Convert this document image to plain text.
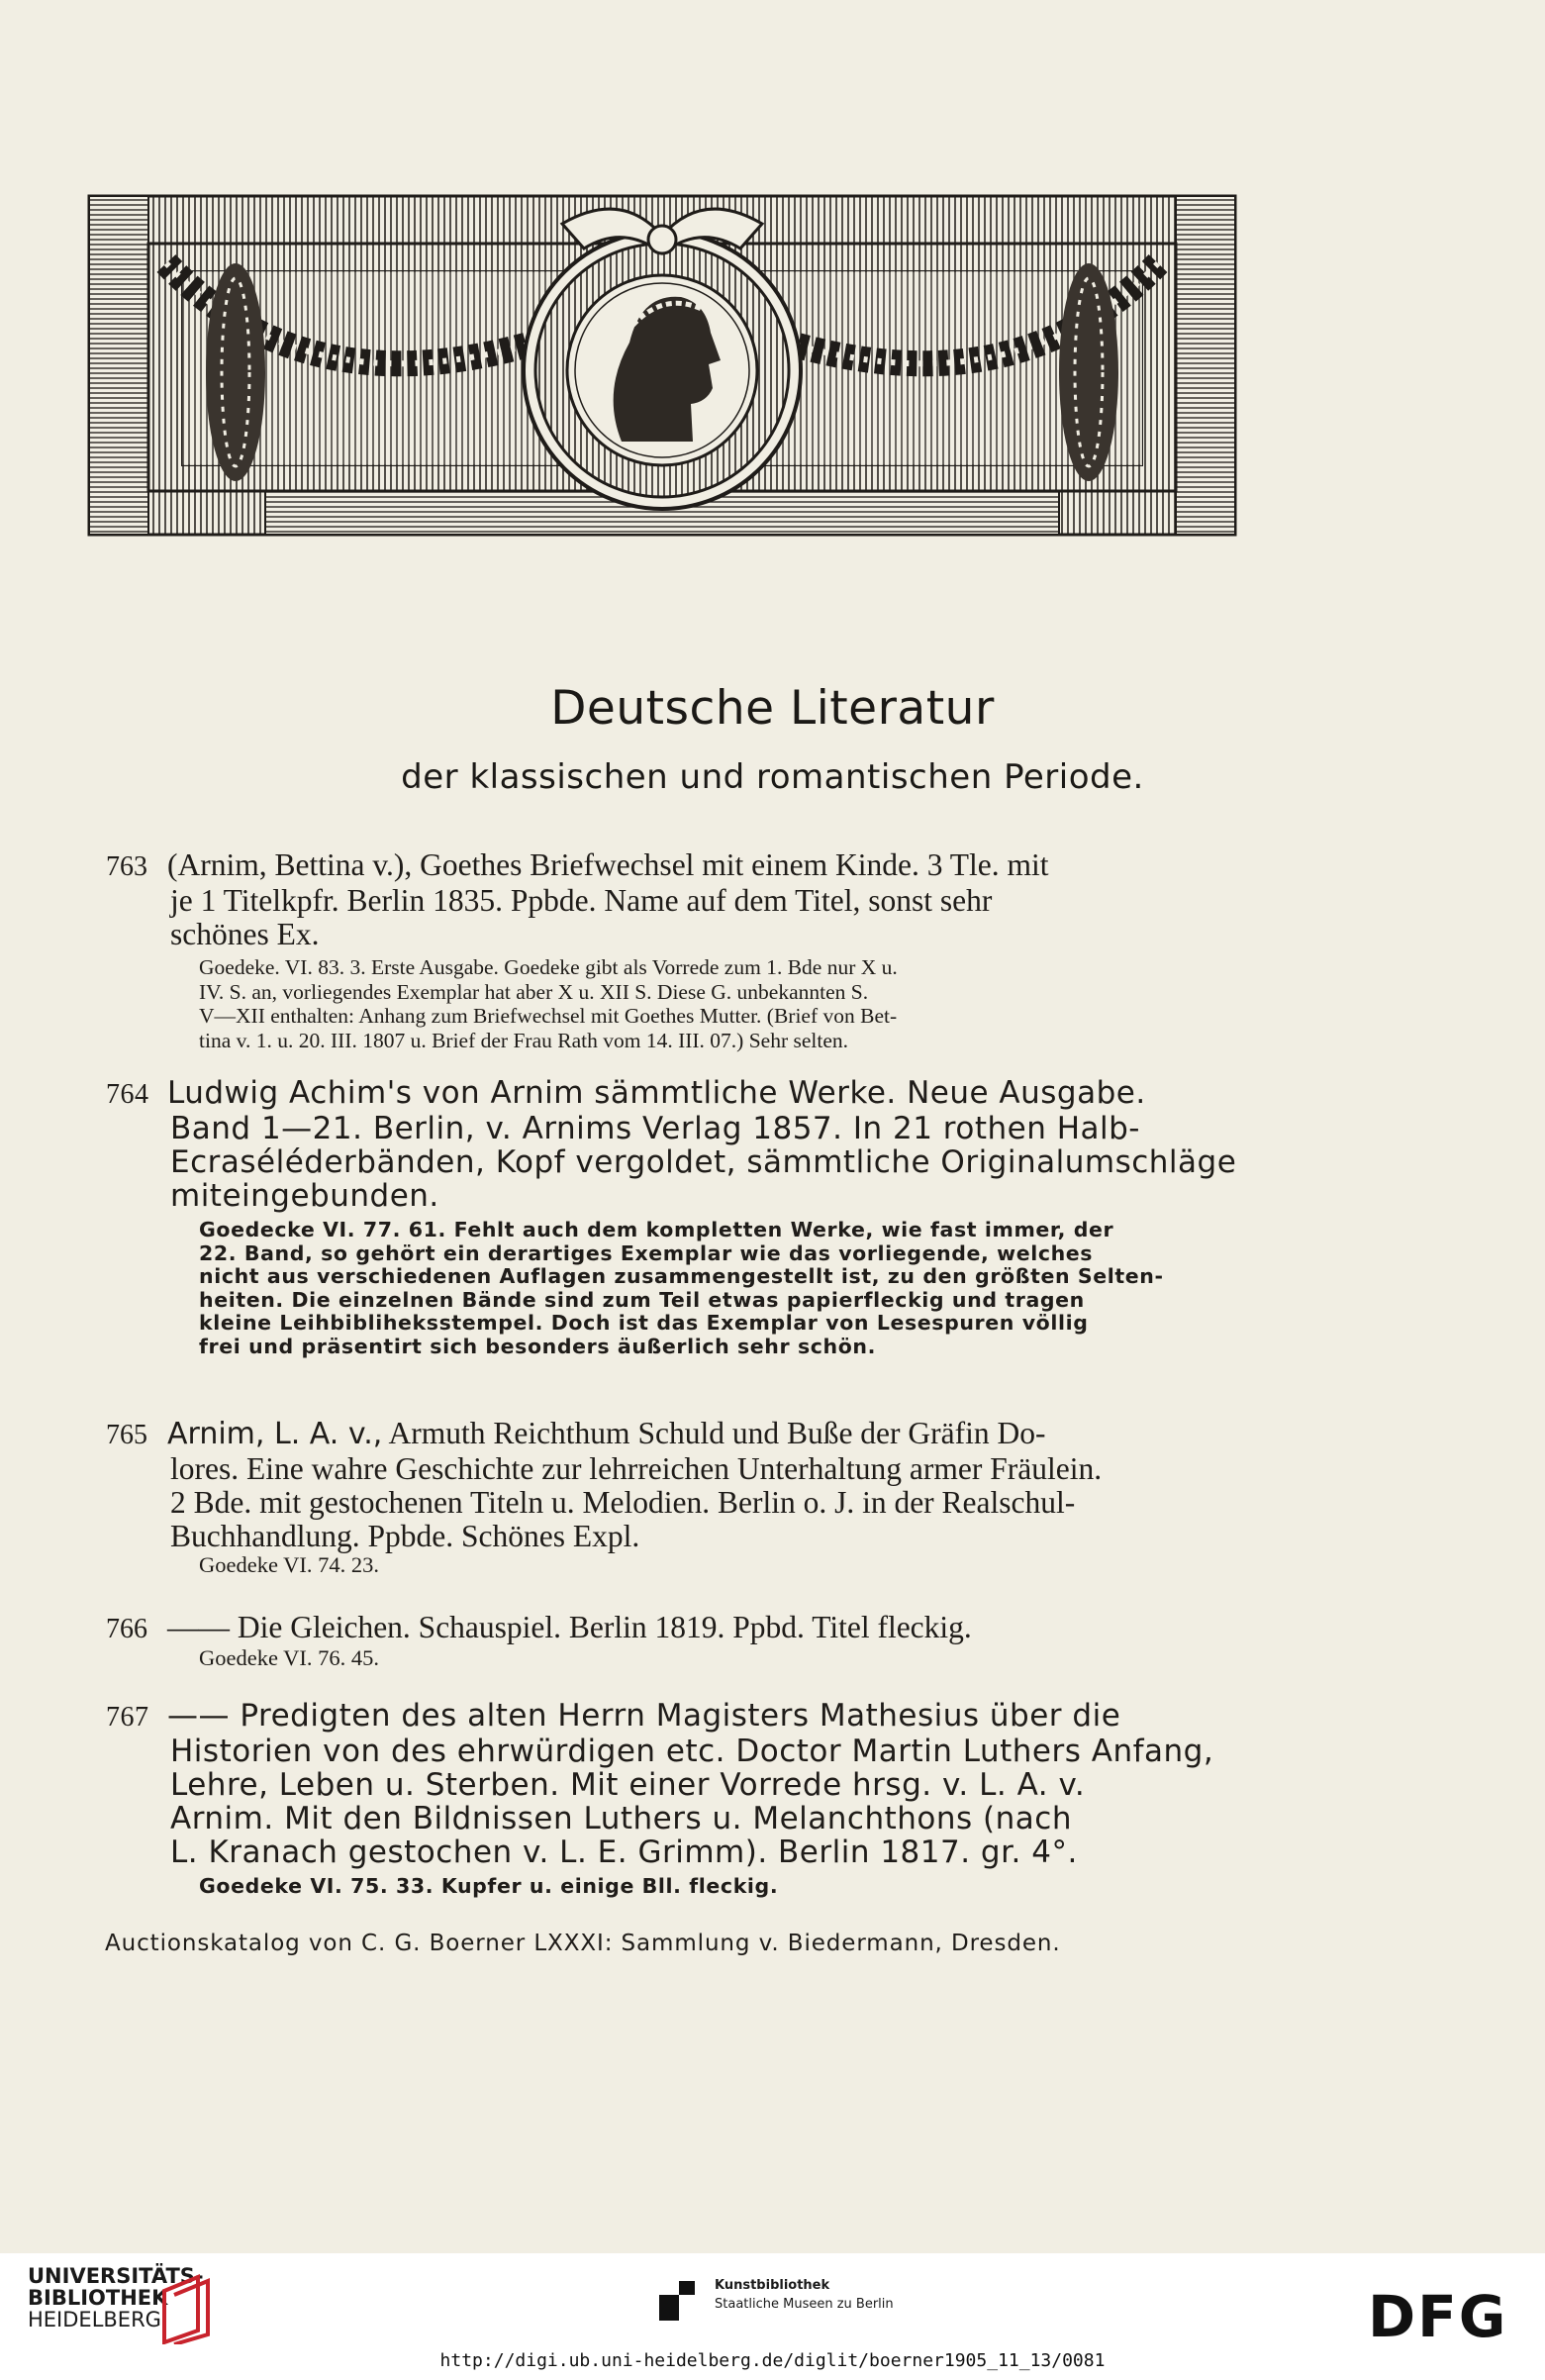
Deutsche Literatur
der klassischen und romantischen Periode.
763 (Arnim, Bettina v.), Goethes Briefwechsel mit einem Kinde. 3 Tle. mit
je 1 Titelkpfr. Berlin 1835. Ppbde. Name auf dem Titel, sonst sehr
schönes Ex.
Goedeke. VI. 83. 3. Erste Ausgabe. Goedeke gibt als Vorrede zum 1. Bde nur X u.
IV. S. an, vorliegendes Exemplar hat aber X u. XII S. Diese G. unbekannten S.
V—XII enthalten: Anhang zum Briefwechsel mit Goethes Mutter. (Brief von Bet-
tina v. 1. u. 20. III. 1807 u. Brief der Frau Rath vom 14. III. 07.) Sehr selten.
764 Ludwig Achim's von Arnim sämmtliche Werke. Neue Ausgabe.
Band 1—21. Berlin, v. Arnims Verlag 1857. In 21 rothen Halb-
Ecraséléderbänden, Kopf vergoldet, sämmtliche Originalumschläge
miteingebunden.
Goedecke VI. 77. 61. Fehlt auch dem kompletten Werke, wie fast immer, der
22. Band, so gehört ein derartiges Exemplar wie das vorliegende, welches
nicht aus verschiedenen Auflagen zusammengestellt ist, zu den größten Selten-
heiten. Die einzelnen Bände sind zum Teil etwas papierfleckig und tragen
kleine Leihbibliheksstempel. Doch ist das Exemplar von Lesespuren völlig
frei und präsentirt sich besonders äußerlich sehr schön.
765 Arnim, L. A. v., Armuth Reichthum Schuld und Buße der Gräfin Do-
lores. Eine wahre Geschichte zur lehrreichen Unterhaltung armer Fräulein.
2 Bde. mit gestochenen Titeln u. Melodien. Berlin o. J. in der Realschul-
Buchhandlung. Ppbde. Schönes Expl.
Goedeke VI. 74. 23.
766 —— Die Gleichen. Schauspiel. Berlin 1819. Ppbd. Titel fleckig.
Goedeke VI. 76. 45.
767 —— Predigten des alten Herrn Magisters Mathesius über die
Historien von des ehrwürdigen etc. Doctor Martin Luthers Anfang,
Lehre, Leben u. Sterben. Mit einer Vorrede hrsg. v. L. A. v.
Arnim. Mit den Bildnissen Luthers u. Melanchthons (nach
L. Kranach gestochen v. L. E. Grimm). Berlin 1817. gr. 4°.
Goedeke VI. 75. 33. Kupfer u. einige Bll. fleckig.
Auctionskatalog von C. G. Boerner LXXXI: Sammlung v. Biedermann, Dresden.
UNIVERSITÄTS-
BIBLIOTHEK
HEIDELBERG
Kunstbibliothek
Staatliche Museen zu Berlin	DFG
http://digi.ub.uni-heidelberg.de/diglit/boerner1905_11_13/0081
